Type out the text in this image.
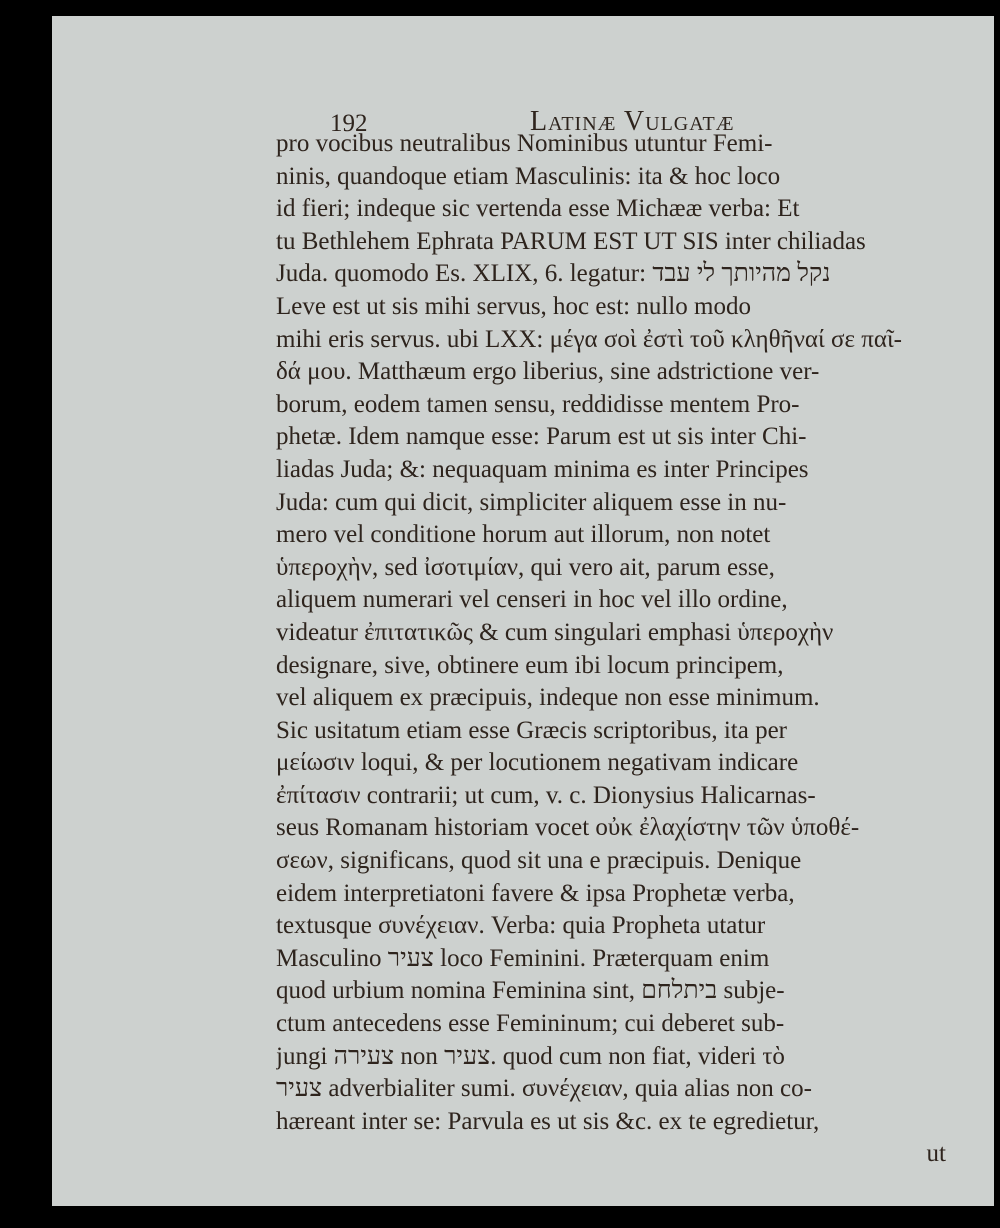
192	Latinæ Vulgatæ
pro vocibus neutralibus Nominibus utuntur Femi-
ninis, quandoque etiam Masculinis: ita & hoc loco
id fieri; indeque sic vertenda esse Michææ verba: Et
tu Bethlehem Ephrata PARUM EST UT SIS inter chiliadas
Juda. quomodo Es. XLIX, 6. legatur: נקל מהיותך לי עבד
Leve est ut sis mihi servus, hoc est: nullo modo
mihi eris servus. ubi LXX: μέγα σοὶ ἐστὶ τοῦ κληθῆναί σε παῖ-
δά μου. Matthæum ergo liberius, sine adstrictione ver-
borum, eodem tamen sensu, reddidisse mentem Pro-
phetæ. Idem namque esse: Parum est ut sis inter Chi-
liadas Juda; &: nequaquam minima es inter Principes
Juda: cum qui dicit, simpliciter aliquem esse in nu-
mero vel conditione horum aut illorum, non notet
ὑπεροχὴν, sed ἰσοτιμίαν, qui vero ait, parum esse,
aliquem numerari vel censeri in hoc vel illo ordine,
videatur ἐπιτατικῶς & cum singulari emphasi ὑπεροχὴν
designare, sive, obtinere eum ibi locum principem,
vel aliquem ex præcipuis, indeque non esse minimum.
Sic usitatum etiam esse Græcis scriptoribus, ita per
μείωσιν loqui, & per locutionem negativam indicare
ἐπίτασιν contrarii; ut cum, v. c. Dionysius Halicarnas-
seus Romanam historiam vocet οὐκ ἐλαχίστην τῶν ὑποθέ-
σεων, significans, quod sit una e præcipuis. Denique
eidem interpretiatoni favere & ipsa Prophetæ verba,
textusque συνέχειαν. Verba: quia Propheta utatur
Masculino צעיר loco Feminini. Præterquam enim
quod urbium nomina Feminina sint, ביתלחם subje-
ctum antecedens esse Femininum; cui deberet sub-
jungi צעירה non צעיר. quod cum non fiat, videri τὸ
צעיר adverbialiter sumi. συνέχειαν, quia alias non co-
hæreant inter se: Parvula es ut sis &c. ex te egredietur,
ut
